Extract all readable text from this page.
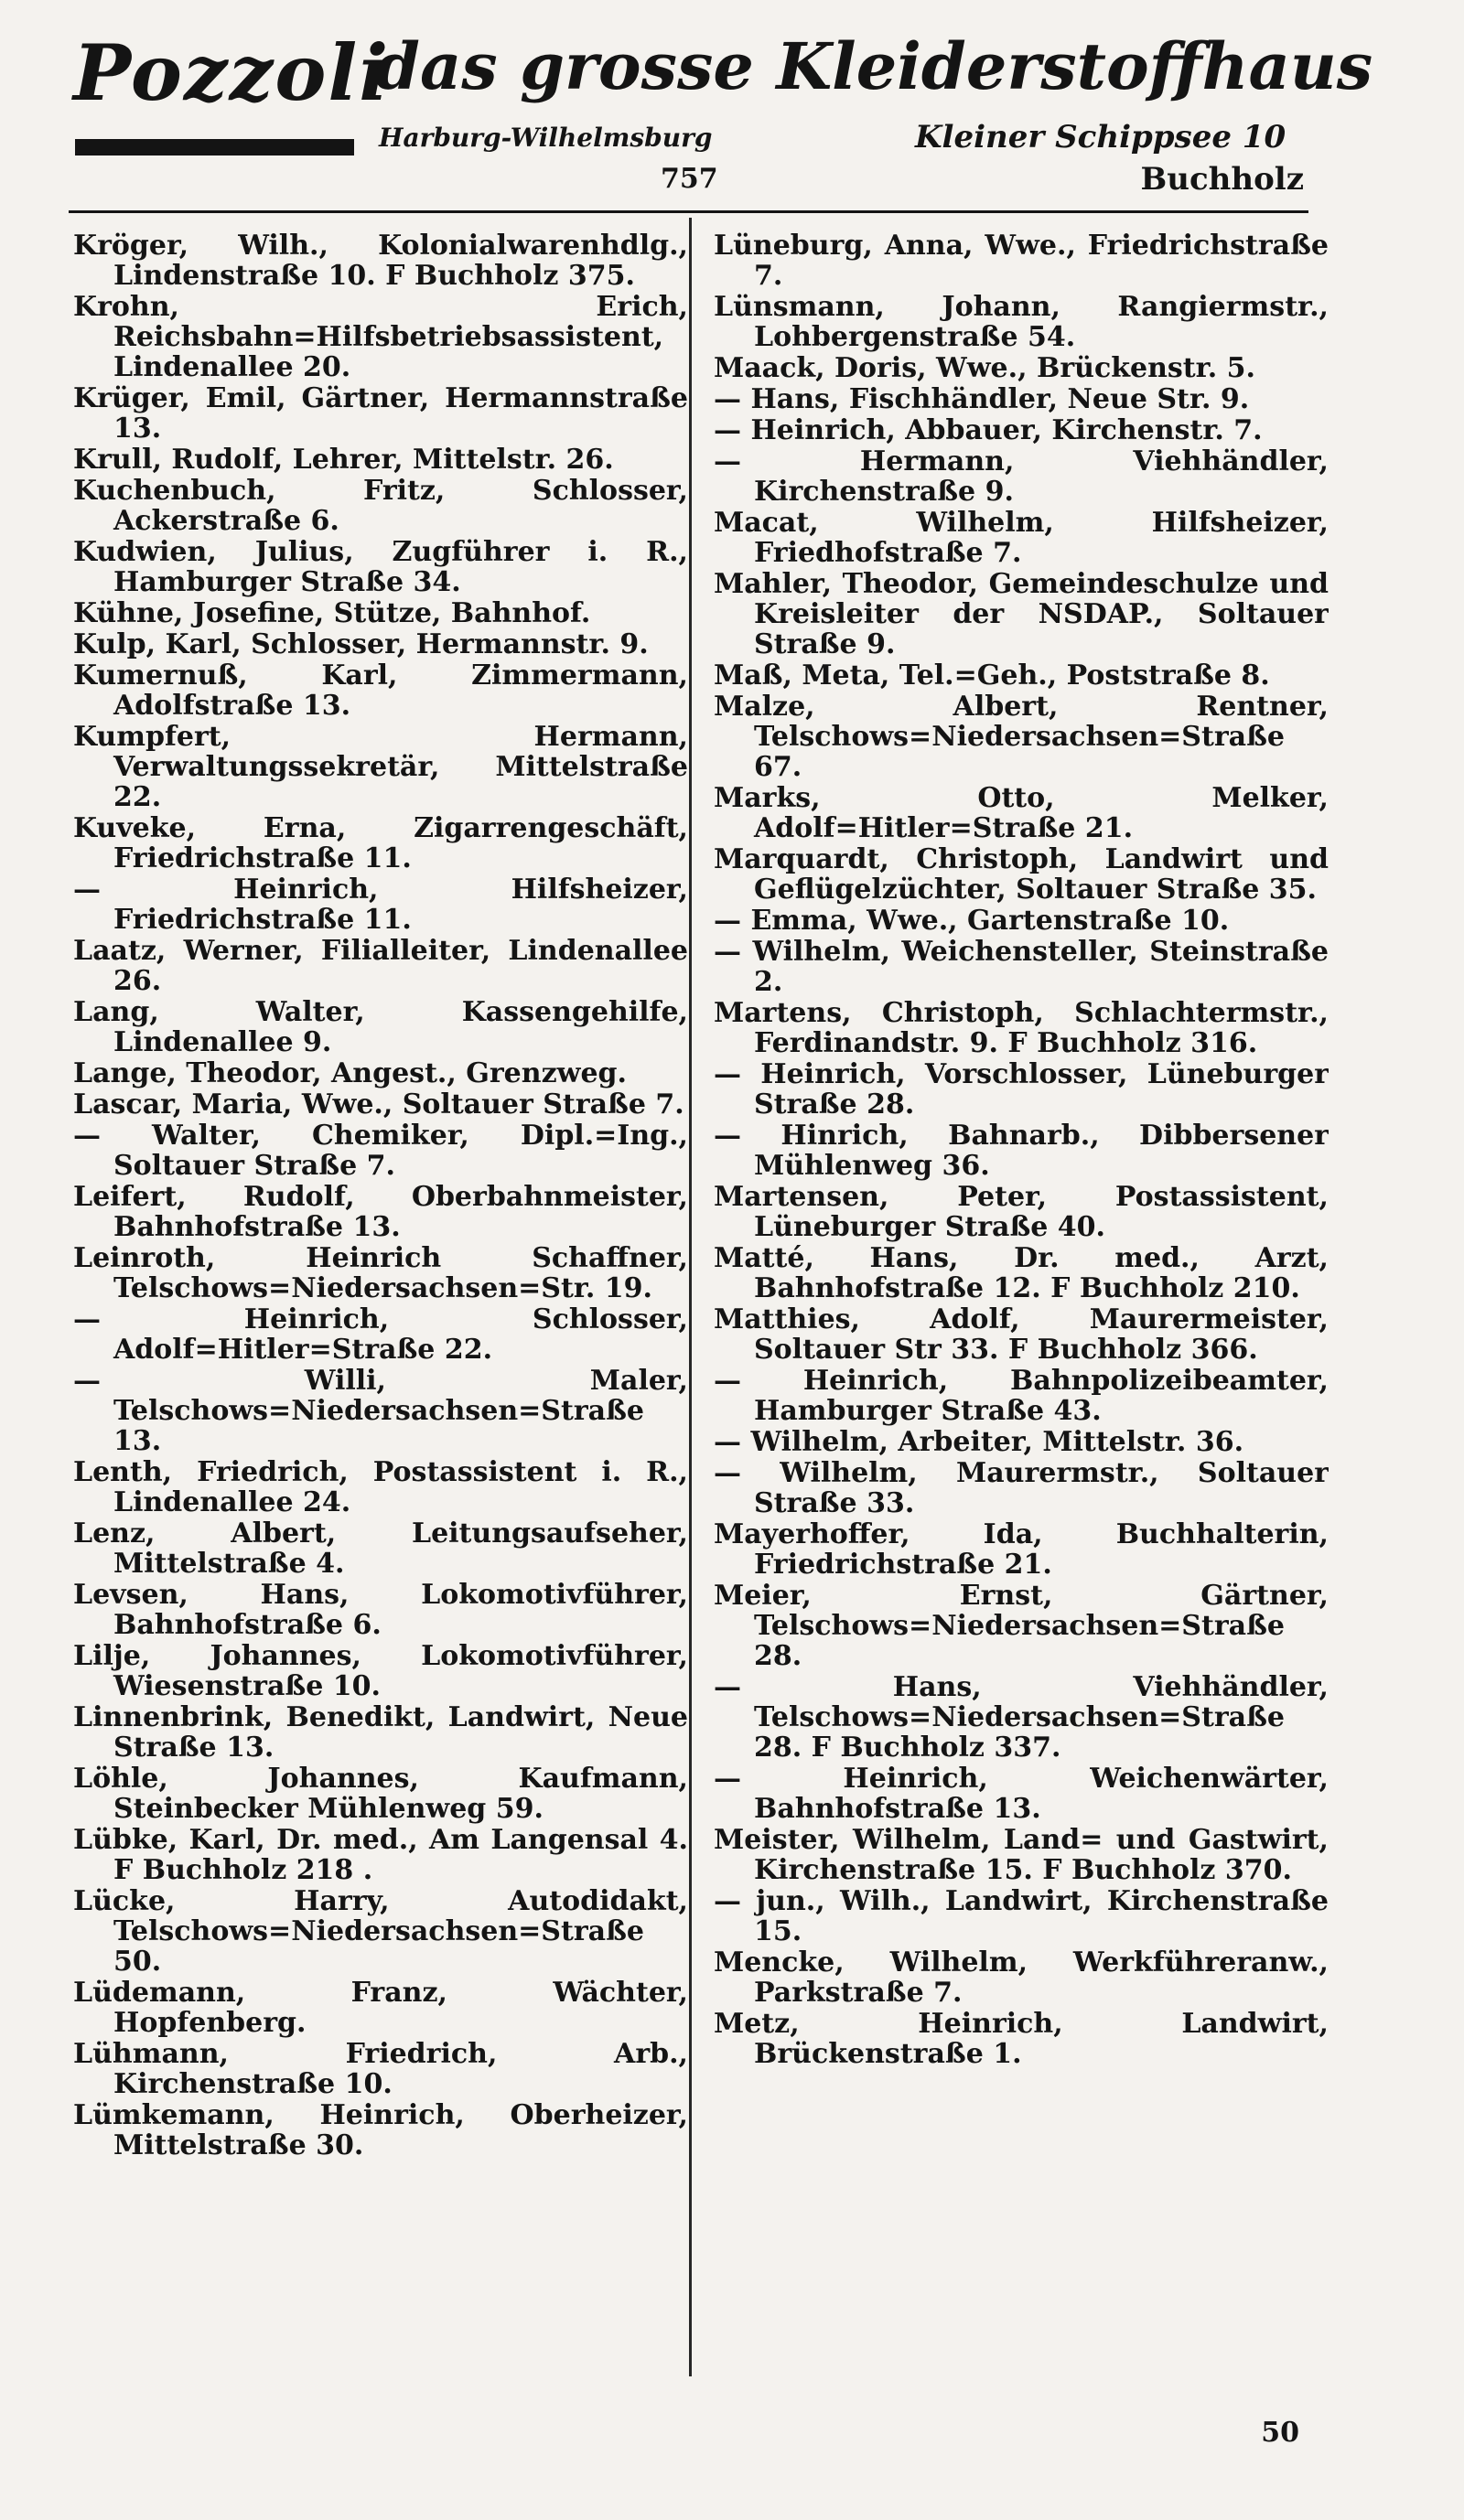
Pozzoli
das grosse Kleiderstoffhaus
Harburg-Wilhelmsburg	Kleiner Schippsee 10
757	Buchholz

Kröger, Wilh., Kolonialwarenhdlg., Lindenstraße 10. F Buchholz 375.

Krohn, Erich, Reichsbahn=Hilfsbetriebsassistent, Lindenallee 20.

Krüger, Emil, Gärtner, Hermannstraße 13.

Krull, Rudolf, Lehrer, Mittelstr. 26.

Kuchenbuch, Fritz, Schlosser, Ackerstraße 6.

Kudwien, Julius, Zugführer i. R., Hamburger Straße 34.

Kühne, Josefine, Stütze, Bahnhof.

Kulp, Karl, Schlosser, Hermannstr. 9.

Kumernuß, Karl, Zimmermann, Adolfstraße 13.

Kumpfert, Hermann, Verwaltungssekretär, Mittelstraße 22.

Kuveke, Erna, Zigarrengeschäft, Friedrichstraße 11.

— Heinrich, Hilfsheizer, Friedrichstraße 11.

Laatz, Werner, Filialleiter, Lindenallee 26.

Lang, Walter, Kassengehilfe, Lindenallee 9.

Lange, Theodor, Angest., Grenzweg.

Lascar, Maria, Wwe., Soltauer Straße 7.

— Walter, Chemiker, Dipl.=Ing., Soltauer Straße 7.

Leifert, Rudolf, Oberbahnmeister, Bahnhofstraße 13.

Leinroth, Heinrich Schaffner, Telschows=Niedersachsen=Str. 19.

— Heinrich, Schlosser, Adolf=Hitler=Straße 22.

— Willi, Maler, Telschows=Niedersachsen=Straße 13.

Lenth, Friedrich, Postassistent i. R., Lindenallee 24.

Lenz, Albert, Leitungsaufseher, Mittelstraße 4.

Levsen, Hans, Lokomotivführer, Bahnhofstraße 6.

Lilje, Johannes, Lokomotivführer, Wiesenstraße 10.

Linnenbrink, Benedikt, Landwirt, Neue Straße 13.

Löhle, Johannes, Kaufmann, Steinbecker Mühlenweg 59.

Lübke, Karl, Dr. med., Am Langensal 4. F Buchholz 218 .

Lücke, Harry, Autodidakt, Telschows=Niedersachsen=Straße 50.

Lüdemann, Franz, Wächter, Hopfenberg.

Lühmann, Friedrich, Arb., Kirchenstraße 10.

Lümkemann, Heinrich, Oberheizer, Mittelstraße 30.

Lüneburg, Anna, Wwe., Friedrichstraße 7.

Lünsmann, Johann, Rangiermstr., Lohbergenstraße 54.

Maack, Doris, Wwe., Brückenstr. 5.

— Hans, Fischhändler, Neue Str. 9.

— Heinrich, Abbauer, Kirchenstr. 7.

— Hermann, Viehhändler, Kirchenstraße 9.

Macat, Wilhelm, Hilfsheizer, Friedhofstraße 7.

Mahler, Theodor, Gemeindeschulze und Kreisleiter der NSDAP., Soltauer Straße 9.

Maß, Meta, Tel.=Geh., Poststraße 8.

Malze, Albert, Rentner, Telschows=Niedersachsen=Straße 67.

Marks, Otto, Melker, Adolf=Hitler=Straße 21.

Marquardt, Christoph, Landwirt und Geflügelzüchter, Soltauer Straße 35.

— Emma, Wwe., Gartenstraße 10.

— Wilhelm, Weichensteller, Steinstraße 2.

Martens, Christoph, Schlachtermstr., Ferdinandstr. 9. F Buchholz 316.

— Heinrich, Vorschlosser, Lüneburger Straße 28.

— Hinrich, Bahnarb., Dibbersener Mühlenweg 36.

Martensen, Peter, Postassistent, Lüneburger Straße 40.

Matté, Hans, Dr. med., Arzt, Bahnhofstraße 12. F Buchholz 210.

Matthies, Adolf, Maurermeister, Soltauer Str 33. F Buchholz 366.

— Heinrich, Bahnpolizeibeamter, Hamburger Straße 43.

— Wilhelm, Arbeiter, Mittelstr. 36.

— Wilhelm, Maurermstr., Soltauer Straße 33.

Mayerhoffer, Ida, Buchhalterin, Friedrichstraße 21.

Meier, Ernst, Gärtner, Telschows=Niedersachsen=Straße 28.

— Hans, Viehhändler, Telschows=Niedersachsen=Straße 28. F Buchholz 337.

— Heinrich, Weichenwärter, Bahnhofstraße 13.

Meister, Wilhelm, Land= und Gastwirt, Kirchenstraße 15. F Buchholz 370.

— jun., Wilh., Landwirt, Kirchenstraße 15.

Mencke, Wilhelm, Werkführeranw., Parkstraße 7.

Metz, Heinrich, Landwirt, Brückenstraße 1.

50
